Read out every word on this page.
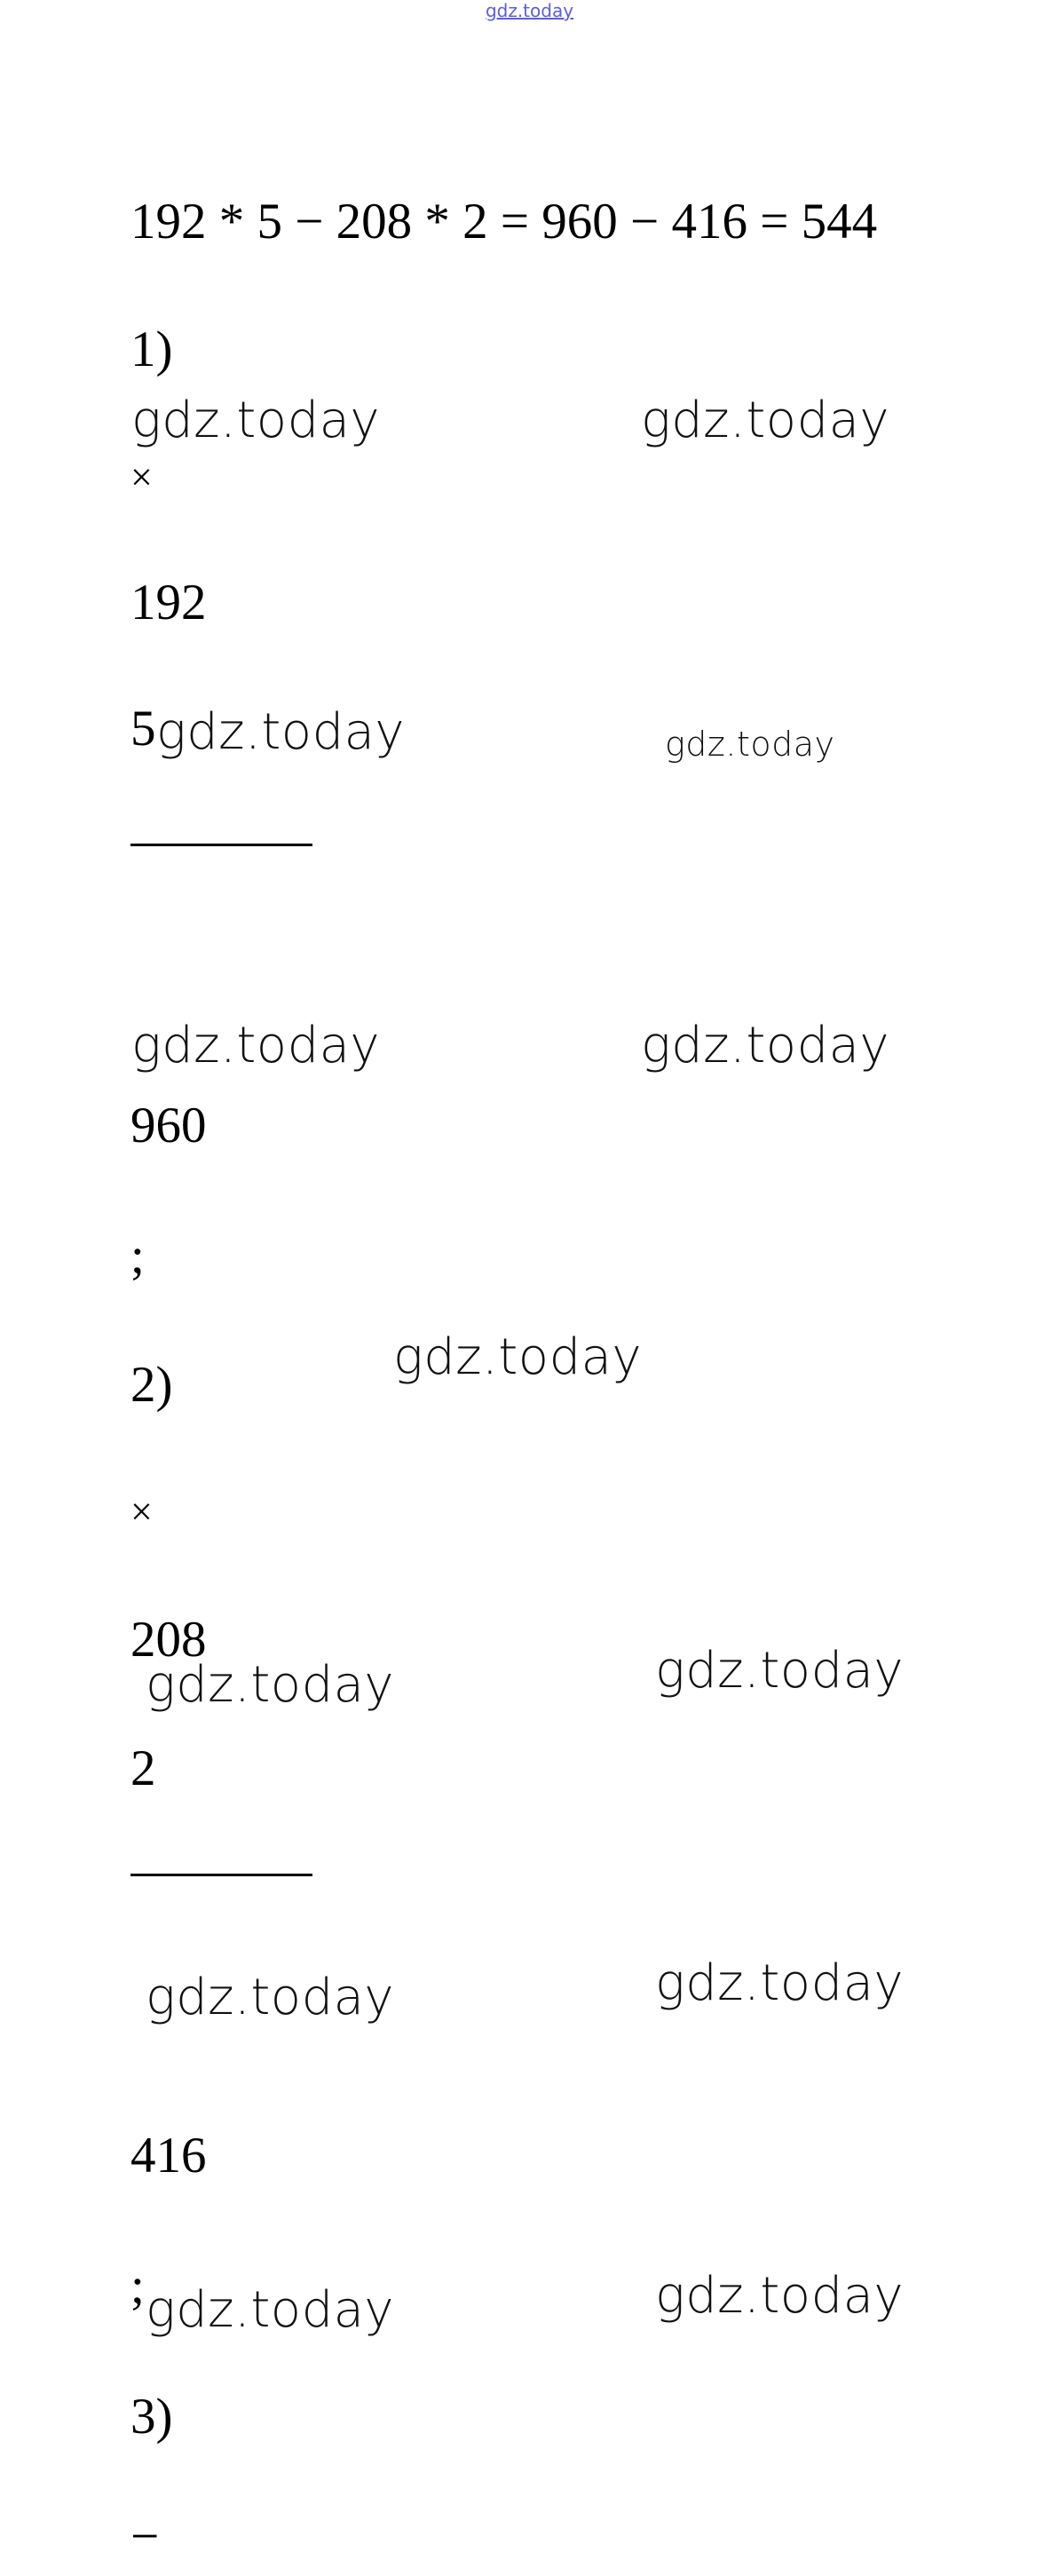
gdz.today
192 * 5 − 208 * 2 = 960 − 416 = 544
1)
×
192
5
960
;
2)
×
208
2
416
;
3)
−
gdz.today	gdz.today
gdz.today	gdz.today
gdz.today	gdz.today
gdz.today
gdz.today	gdz.today
gdz.today	gdz.today
gdz.today	gdz.today
